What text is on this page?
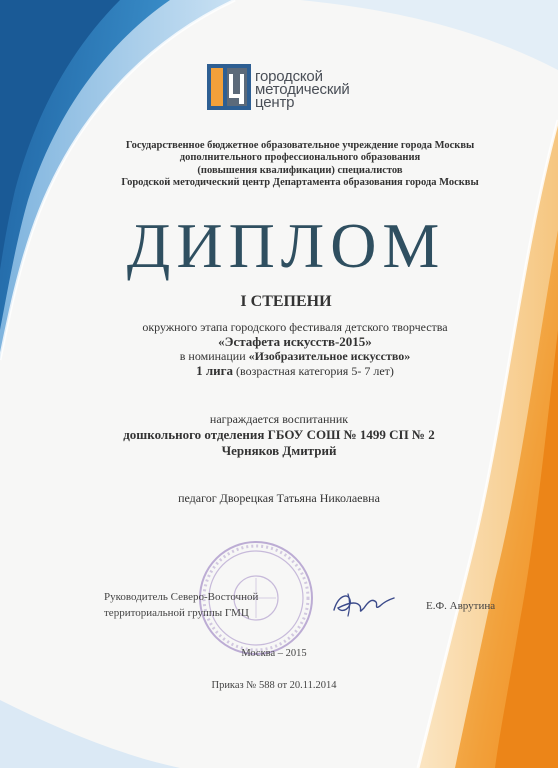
городской
методический
центр
Государственное бюджетное образовательное учреждение города Москвы
дополнительного профессионального образования
(повышения квалификации) специалистов
Городской методический центр Департамента образования города Москвы
ДИПЛОМ
I СТЕПЕНИ
окружного этапа городского фестиваля детского творчества
«Эстафета искусств-2015»
в номинации «Изобразительное искусство»
1 лига (возрастная категория 5- 7 лет)
награждается воспитанник
дошкольного отделения ГБОУ СОШ № 1499 СП № 2
Черняков Дмитрий
педагог Дворецкая Татьяна Николаевна
Руководитель Северо-Восточной
территориальной группы ГМЦ
Е.Ф. Аврутина
Москва – 2015
Приказ № 588 от 20.11.2014
